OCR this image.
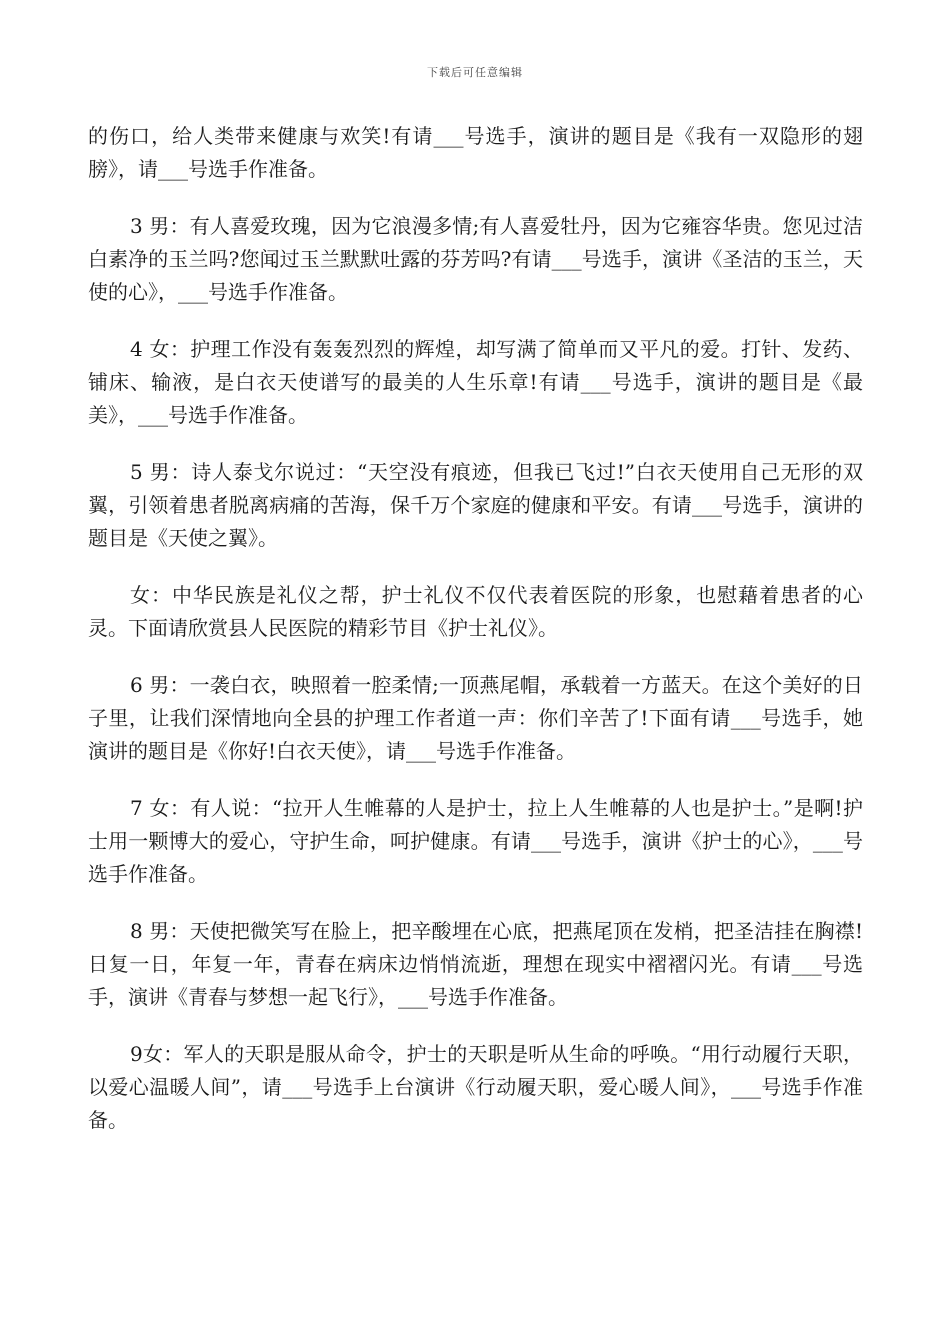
下载后可任意编辑

的伤口，给人类带来健康与欢笑!有请___号选手，演讲的题目是《我有一双隐形的翅膀》，请___号选手作准备。

3 男：有人喜爱玫瑰，因为它浪漫多情;有人喜爱牡丹，因为它雍容华贵。您见过洁白素净的玉兰吗?您闻过玉兰默默吐露的芬芳吗?有请___号选手，演讲《圣洁的玉兰，天使的心》，___号选手作准备。

4 女：护理工作没有轰轰烈烈的辉煌，却写满了简单而又平凡的爱。打针、发药、铺床、输液，是白衣天使谱写的最美的人生乐章!有请___号选手，演讲的题目是《最美》，___号选手作准备。

5 男：诗人泰戈尔说过：“天空没有痕迹，但我已飞过!”白衣天使用自己无形的双翼，引领着患者脱离病痛的苦海，保千万个家庭的健康和平安。有请___号选手，演讲的题目是《天使之翼》。

女：中华民族是礼仪之帮，护士礼仪不仅代表着医院的形象，也慰藉着患者的心灵。下面请欣赏县人民医院的精彩节目《护士礼仪》。

6 男：一袭白衣，映照着一腔柔情;一顶燕尾帽，承载着一方蓝天。在这个美好的日子里，让我们深情地向全县的护理工作者道一声：你们辛苦了!下面有请___号选手，她演讲的题目是《你好!白衣天使》，请___号选手作准备。

7 女：有人说：“拉开人生帷幕的人是护士，拉上人生帷幕的人也是护士。”是啊!护士用一颗博大的爱心，守护生命，呵护健康。有请___号选手，演讲《护士的心》，___号选手作准备。

8 男：天使把微笑写在脸上，把辛酸埋在心底，把燕尾顶在发梢，把圣洁挂在胸襟!日复一日，年复一年，青春在病床边悄悄流逝，理想在现实中褶褶闪光。有请___号选手，演讲《青春与梦想一起飞行》，___号选手作准备。

9女：军人的天职是服从命令，护士的天职是听从生命的呼唤。“用行动履行天职，以爱心温暖人间”，请___号选手上台演讲《行动履天职，爱心暖人间》，___号选手作准备。
